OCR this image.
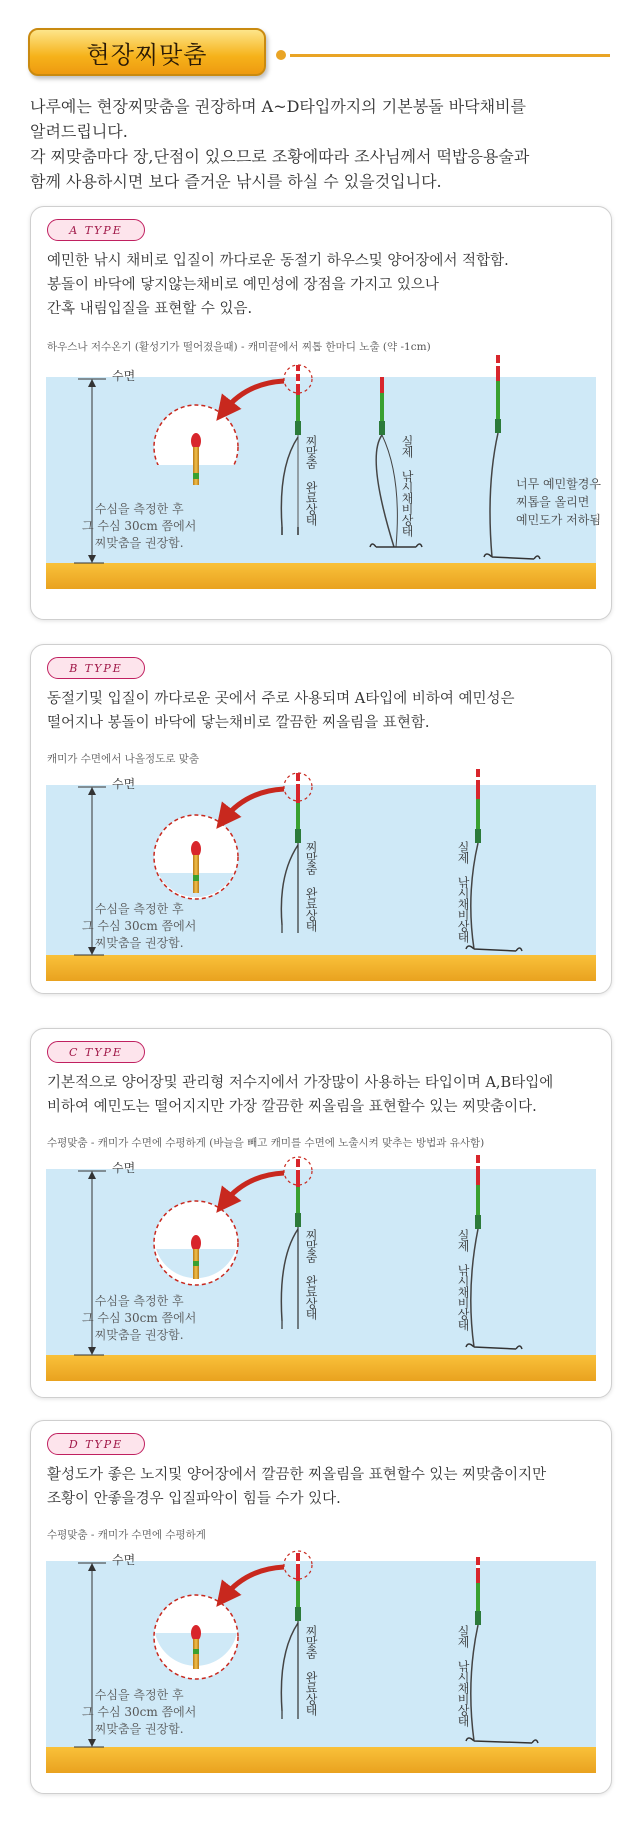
현장찌맞춤

나루예는 현장찌맞춤을 권장하며 A~D타입까지의 기본봉돌 바닥채비를

알려드립니다.

각 찌맞춤마다 장,단점이 있으므로 조황에따라 조사님께서 떡밥응용술과

함께 사용하시면 보다 즐거운 낚시를 하실 수 있을것입니다.

A TYPE
예민한 낚시 채비로 입질이 까다로운 동절기 하우스및 양어장에서 적합함.
봉돌이 바닥에 닿지않는채비로 예민성에 장점을 가지고 있으나
간혹 내림입질을 표현할 수 있음.
하우스나 저수온기 (활성기가 떨어졌을때) - 캐미끝에서 찌톱 한마디 노출 (약 -1cm)
수면
수심을 측정한 후
그 수심 30cm 쯤에서
찌맞춤을 권장함.
찌맞춤 완료상태	실제 낚시채비상태	너무 예민할경우
찌톱을 올리면
예민도가 저하됨
B TYPE
동절기및 입질이 까다로운 곳에서 주로 사용되며 A타입에 비하여 예민성은
떨어지나 봉돌이 바닥에 닿는채비로 깔끔한 찌올림을 표현함.
캐미가 수면에서 나올정도로 맞춤
수면
수심을 측정한 후
그 수심 30cm 쯤에서
찌맞춤을 권장함.
찌맞춤 완료상태	실제 낚시채비상태
C TYPE
기본적으로 양어장및 관리형 저수지에서 가장많이 사용하는 타입이며 A,B타입에
비하여 예민도는 떨어지지만 가장 깔끔한 찌올림을 표현할수 있는 찌맞춤이다.
수평맞춤 - 캐미가 수면에 수평하게 (바늘을 빼고 캐미를 수면에 노출시켜 맞추는 방법과 유사함)
수면
수심을 측정한 후
그 수심 30cm 쯤에서
찌맞춤을 권장함.
찌맞춤 완료상태	실제 낚시채비상태
D TYPE
활성도가 좋은 노지및 양어장에서 깔끔한 찌올림을 표현할수 있는 찌맞춤이지만
조황이 안좋을경우 입질파악이 힘들 수가 있다.
수평맞춤 - 캐미가 수면에 수평하게
수면
수심을 측정한 후
그 수심 30cm 쯤에서
찌맞춤을 권장함.
찌맞춤 완료상태	실제 낚시채비상태
